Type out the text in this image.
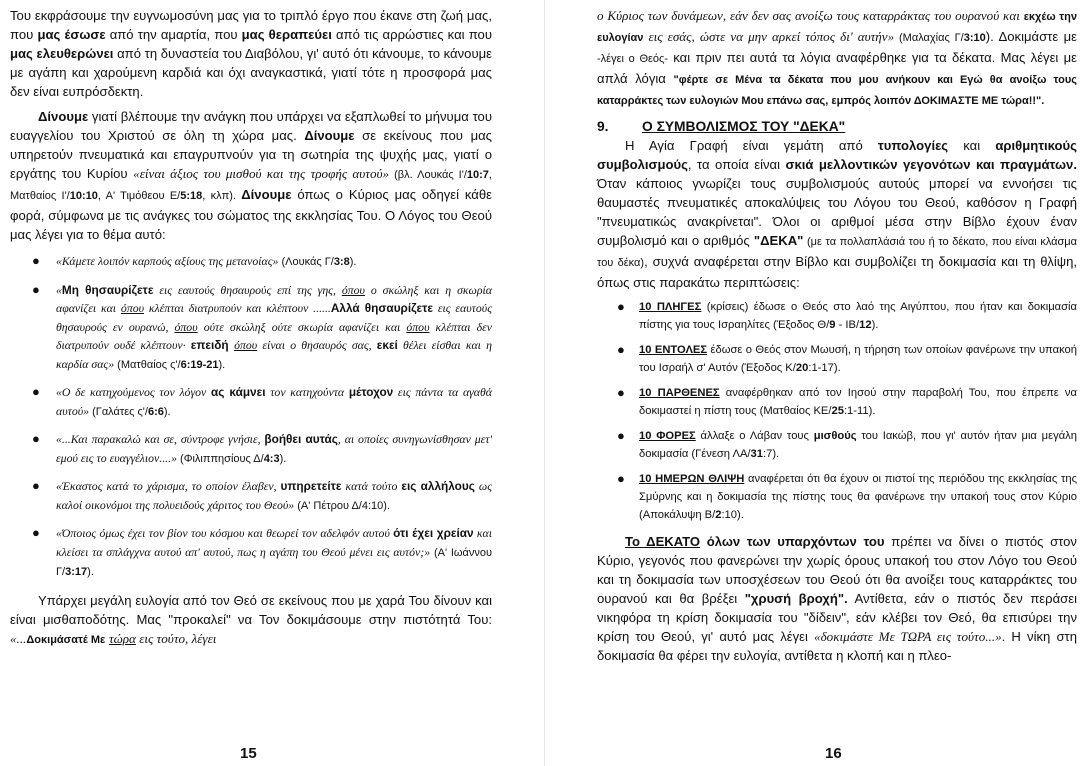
Του εκφράσουμε την ευγνωμοσύνη μας για το τριπλό έργο που έκανε στη ζωή μας, που μας έσωσε από την αμαρτία, που μας θεραπεύει από τις αρρώστιες και που μας ελευθερώνει από τη δυναστεία του Διαβόλου, γι' αυτό ότι κάνουμε, το κάνουμε με αγάπη και χαρούμενη καρδιά και όχι αναγκαστικά, γιατί τότε η προσφορά μας δεν είναι ευπρόσδεκτη.

Δίνουμε γιατί βλέπουμε την ανάγκη που υπάρχει να εξαπλωθεί το μήνυμα του ευαγγελίου του Χριστού σε όλη τη χώρα μας. Δίνουμε σε εκείνους που μας υπηρετούν πνευματικά και επαγρυπνούν για τη σωτηρία της ψυχής μας, γιατί ο εργάτης του Κυρίου «είναι άξιος του μισθού και της τροφής αυτού» (βλ. Λουκάς Ι'/10:7, Ματθαίος Ι'/10:10, Α' Τιμόθεου Ε/5:18, κλπ). Δίνουμε όπως ο Κύριος μας οδηγεί κάθε φορά, σύμφωνα με τις ανάγκες του σώματος της εκκλησίας Του. Ο Λόγος του Θεού μας λέγει για το θέμα αυτό:

● «Κάμετε λοιπόν καρπούς αξίους της μετανοίας» (Λουκάς Γ/3:8).
● «Μη θησαυρίζετε εις εαυτούς θησαυρούς επί της γης, όπου ο σκώληξ και η σκωρία αφανίζει και όπου κλέπται διατρυπούν και κλέπτουν ......Αλλά θησαυρίζετε εις εαυτούς θησαυρούς εν ουρανώ, όπου ούτε σκώληξ ούτε σκωρία αφανίζει και όπου κλέπται δεν διατρυπούν ουδέ κλέπτουν· επειδή όπου είναι ο θησαυρός σας, εκεί θέλει είσθαι και η καρδία σας» (Ματθαίος ς'/6:19-21).
● «Ο δε κατηχούμενος τον λόγον ας κάμνει τον κατηχούντα μέτοχον εις πάντα τα αγαθά αυτού» (Γαλάτες ς'/6:6).
● «...Και παρακαλώ και σε, σύντροφε γνήσιε, βοήθει αυτάς, αι οποίες συνηγωνίσθησαν μετ' εμού εις το ευαγγέλιον....» (Φιλιππησίους Δ/4:3).
● «Έκαστος κατά το χάρισμα, το οποίον έλαβεν, υπηρετείτε κατά τούτο εις αλλήλους ως καλοί οικονόμοι της πολυειδούς χάριτος του Θεού» (Α' Πέτρου Δ/4:10).
● «Όποιος όμως έχει τον βίον του κόσμου και θεωρεί τον αδελφόν αυτού ότι έχει χρείαν και κλείσει τα σπλάγχνα αυτού απ' αυτού, πως η αγάπη του Θεού μένει εις αυτόν;» (Α' Ιωάννου Γ/3:17).

Υπάρχει μεγάλη ευλογία από τον Θεό σε εκείνους που με χαρά Του δίνουν και είναι μισθαποδότης. Μας "προκαλεί" να Τον δοκιμάσουμε στην πιστότητά Του: «...Δοκιμάσατέ Με τώρα εις τούτο, λέγει

15

ο Κύριος των δυνάμεων, εάν δεν σας ανοίξω τους καταρράκτας του ουρανού και εκχέω την ευλογίαν εις εσάς, ώστε να μην αρκεί τόπος δι' αυτήν» (Μαλαχίας Γ/3:10). Δοκιμάστε με -λέγει ο Θεός- και πριν πει αυτά τα λόγια αναφέρθηκε για τα δέκατα. Μας λέγει με απλά λόγια "φέρτε σε Μένα τα δέκατα που μου ανήκουν και Εγώ θα ανοίξω τους καταρράκτες των ευλογιών Μου επάνω σας, εμπρός λοιπόν ΔΟΚΙΜΑΣΤΕ ΜΕ τώρα!!".

9. Ο ΣΥΜΒΟΛΙΣΜΟΣ ΤΟΥ "ΔΕΚΑ"

Η Αγία Γραφή είναι γεμάτη από τυπολογίες και αριθμητικούς συμβολισμούς, τα οποία είναι σκιά μελλοντικών γεγονότων και πραγμάτων. Όταν κάποιος γνωρίζει τους συμβολισμούς αυτούς μπορεί να εννοήσει τις θαυμαστές πνευματικές αποκαλύψεις του Λόγου του Θεού, καθόσον η Γραφή "πνευματικώς ανακρίνεται". Όλοι οι αριθμοί μέσα στην Βίβλο έχουν έναν συμβολισμό και ο αριθμός "ΔΕΚΑ" (με τα πολλαπλάσιά του ή το δέκατο, που είναι κλάσμα του δέκα), συχνά αναφέρεται στην Βίβλο και συμβολίζει τη δοκιμασία και τη θλίψη, όπως στις παρακάτω περιπτώσεις:

● 10 ΠΛΗΓΕΣ (κρίσεις) έδωσε ο Θεός στο λαό της Αιγύπτου, που ήταν και δοκιμασία πίστης για τους Ισραηλίτες (Έξοδος Θ/9 - ΙΒ/12).
● 10 ΕΝΤΟΛΕΣ έδωσε ο Θεός στον Μωυσή, η τήρηση των οποίων φανέρωνε την υπακοή του Ισραήλ σ' Αυτόν (Έξοδος Κ/20:1-17).
● 10 ΠΑΡΘΕΝΕΣ αναφέρθηκαν από τον Ιησού στην παραβολή Του, που έπρεπε να δοκιμαστεί η πίστη τους (Ματθαίος ΚΕ/25:1-11).
● 10 ΦΟΡΕΣ άλλαξε ο Λάβαν τους μισθούς του Ιακώβ, που γι' αυτόν ήταν μια μεγάλη δοκιμασία (Γένεση ΛΑ/31:7).
● 10 ΗΜΕΡΩΝ ΘΛΙΨΗ αναφέρεται ότι θα έχουν οι πιστοί της περιόδου της εκκλησίας της Σμύρνης και η δοκιμασία της πίστης τους θα φανέρωνε την υπακοή τους στον Κύριο (Αποκάλυψη Β/2:10).

Το ΔΕΚΑΤΟ όλων των υπαρχόντων του πρέπει να δίνει ο πιστός στον Κύριο, γεγονός που φανερώνει την χωρίς όρους υπακοή του στον Λόγο του Θεού και τη δοκιμασία των υποσχέσεων του Θεού ότι θα ανοίξει τους καταρράκτες του ουρανού και θα βρέξει "χρυσή βροχή". Αντίθετα, εάν ο πιστός δεν περάσει νικηφόρα τη κρίση δοκιμασία του "δίδειν", εάν κλέβει τον Θεό, θα επισύρει την κρίση του Θεού, γι' αυτό μας λέγει «δοκιμάστε Με ΤΩΡΑ εις τούτο...». Η νίκη στη δοκιμασία θα φέρει την ευλογία, αντίθετα η κλοπή και η πλεο-

16
